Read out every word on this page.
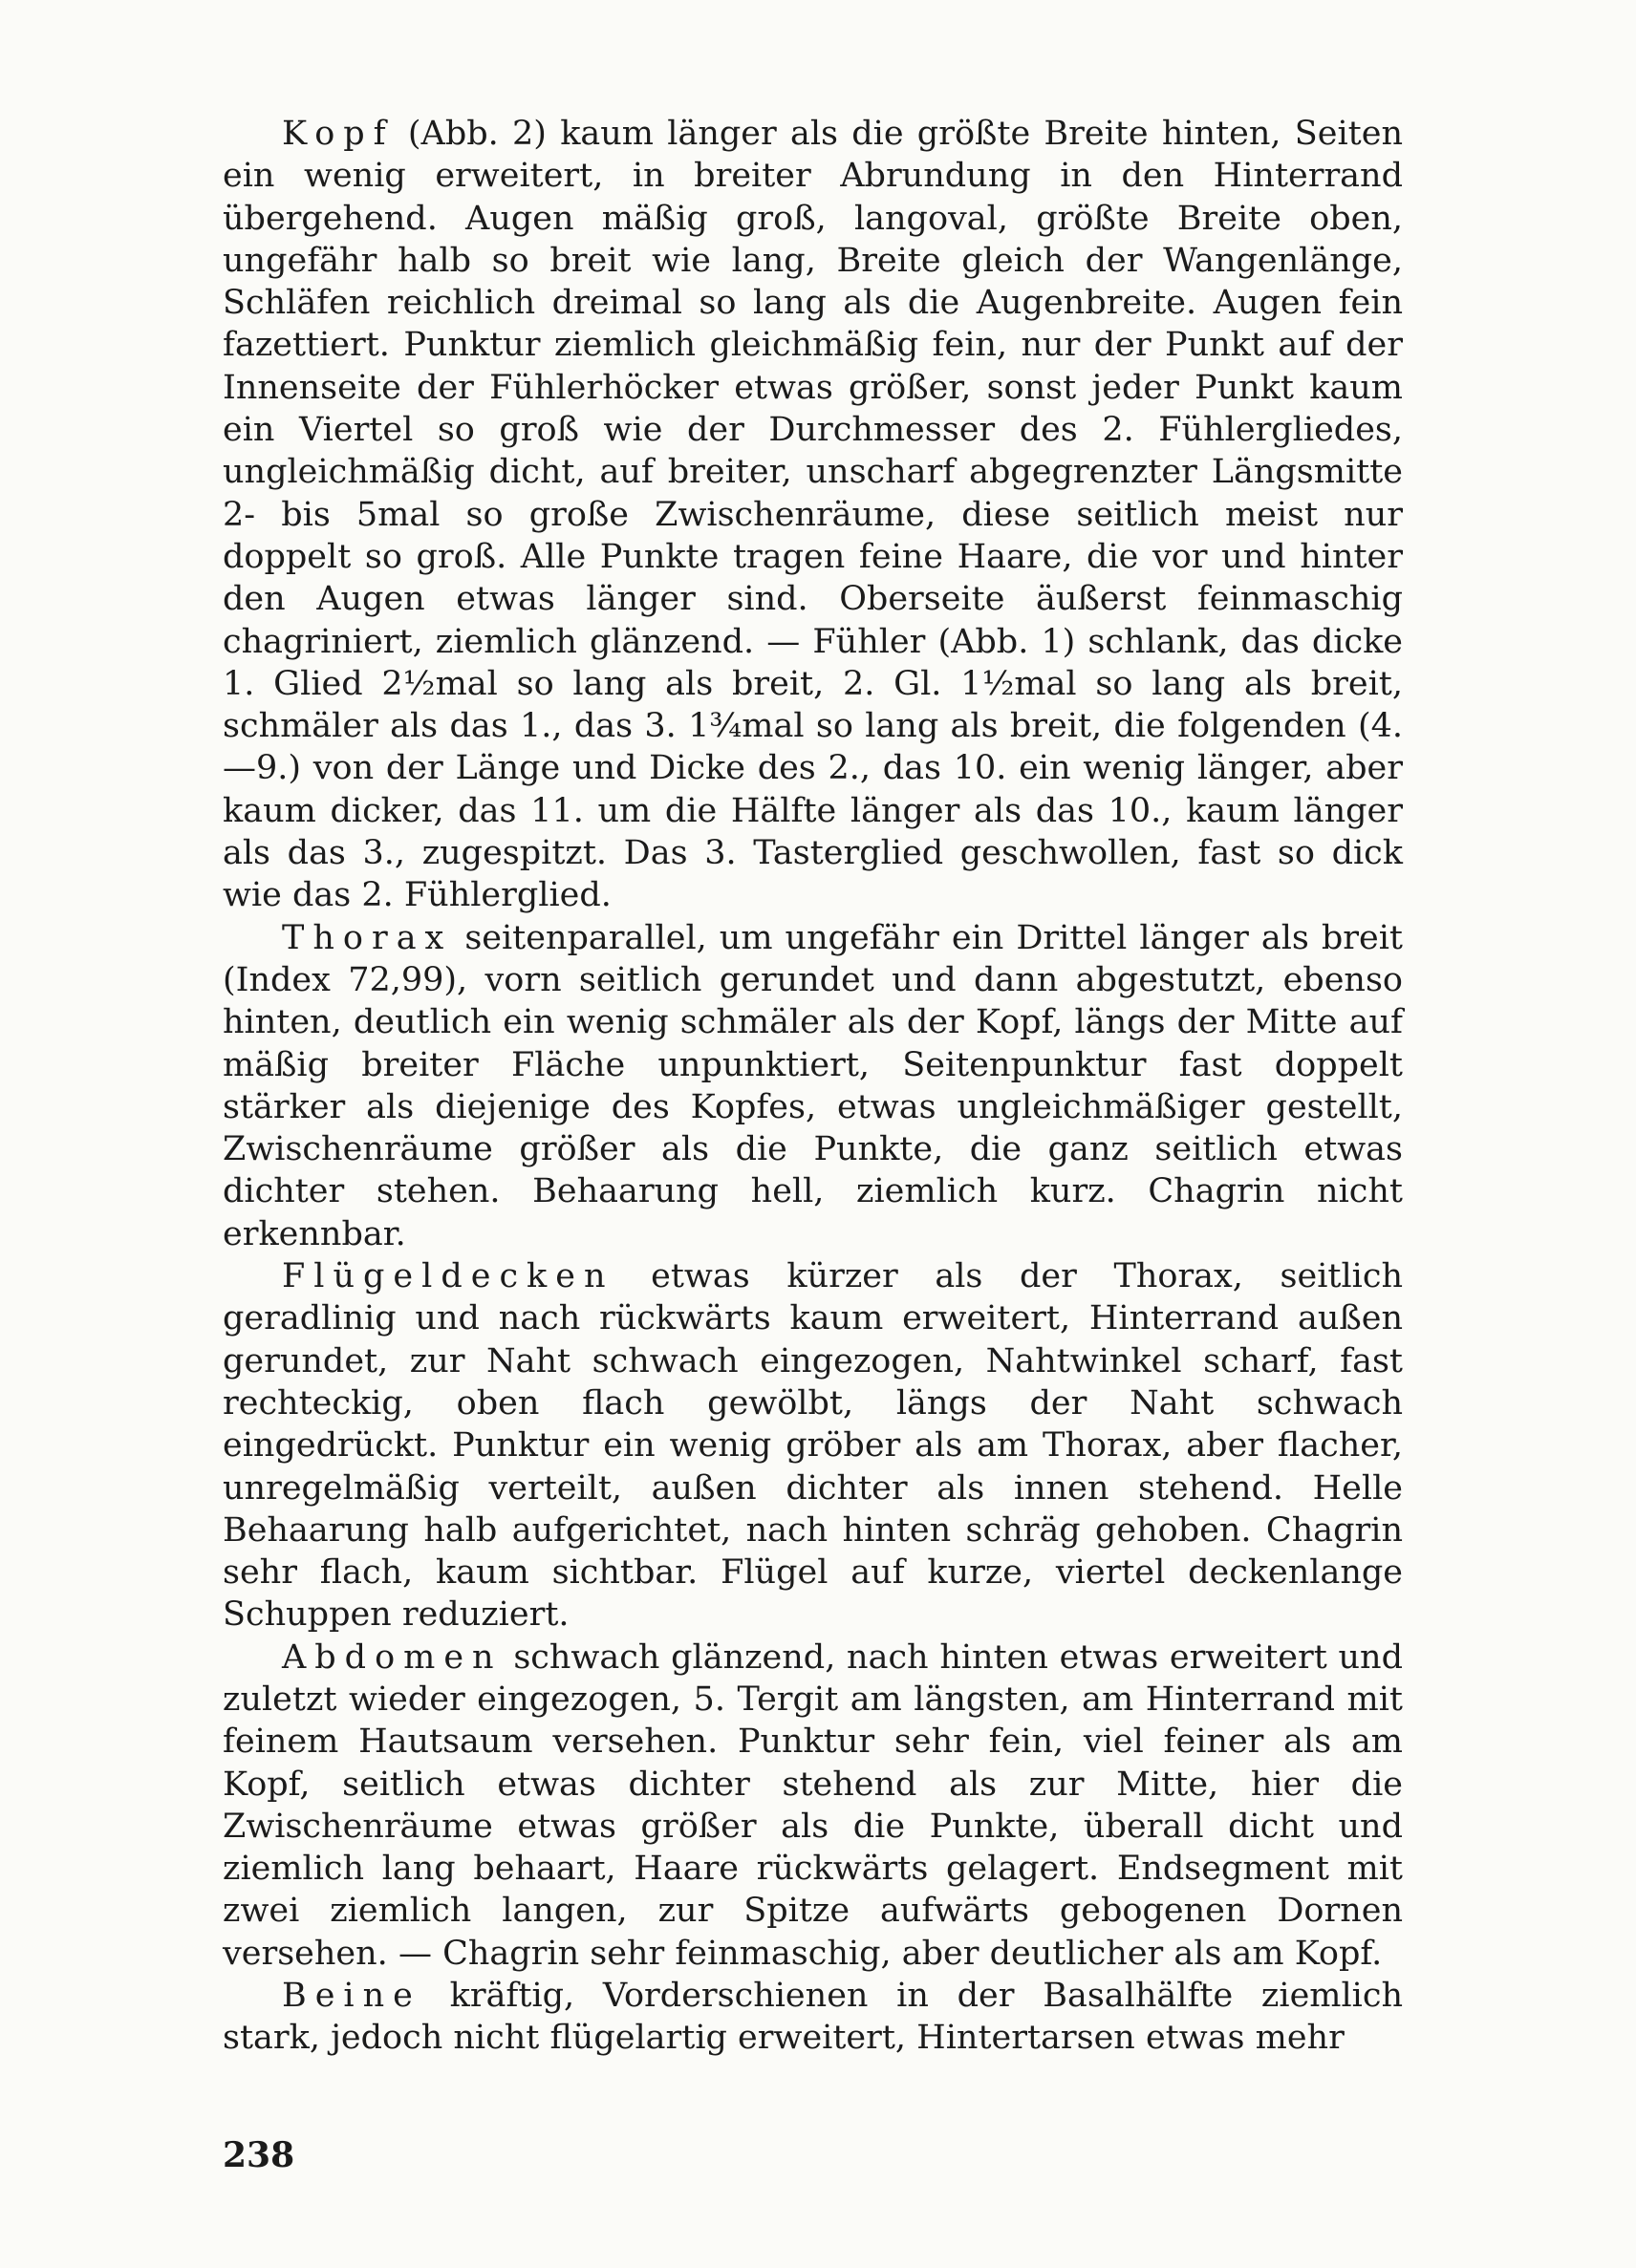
Kopf (Abb. 2) kaum länger als die größte Breite hinten, Seiten ein wenig erweitert, in breiter Abrundung in den Hinterrand übergehend. Augen mäßig groß, langoval, größte Breite oben, ungefähr halb so breit wie lang, Breite gleich der Wangenlänge, Schläfen reichlich dreimal so lang als die Augenbreite. Augen fein fazettiert. Punktur ziemlich gleichmäßig fein, nur der Punkt auf der Innenseite der Fühlerhöcker etwas größer, sonst jeder Punkt kaum ein Viertel so groß wie der Durchmesser des 2. Fühlergliedes, ungleichmäßig dicht, auf breiter, unscharf abgegrenzter Längsmitte 2- bis 5mal so große Zwischenräume, diese seitlich meist nur doppelt so groß. Alle Punkte tragen feine Haare, die vor und hinter den Augen etwas länger sind. Oberseite äußerst feinmaschig chagriniert, ziemlich glänzend. — Fühler (Abb. 1) schlank, das dicke 1. Glied 2½mal so lang als breit, 2. Gl. 1½mal so lang als breit, schmäler als das 1., das 3. 1¾mal so lang als breit, die folgenden (4.—9.) von der Länge und Dicke des 2., das 10. ein wenig länger, aber kaum dicker, das 11. um die Hälfte länger als das 10., kaum länger als das 3., zugespitzt. Das 3. Tasterglied geschwollen, fast so dick wie das 2. Fühlerglied.

Thorax seitenparallel, um ungefähr ein Drittel länger als breit (Index 72,99), vorn seitlich gerundet und dann abgestutzt, ebenso hinten, deutlich ein wenig schmäler als der Kopf, längs der Mitte auf mäßig breiter Fläche unpunktiert, Seitenpunktur fast doppelt stärker als diejenige des Kopfes, etwas ungleichmäßiger gestellt, Zwischenräume größer als die Punkte, die ganz seitlich etwas dichter stehen. Behaarung hell, ziemlich kurz. Chagrin nicht erkennbar.

Flügeldecken etwas kürzer als der Thorax, seitlich geradlinig und nach rückwärts kaum erweitert, Hinterrand außen gerundet, zur Naht schwach eingezogen, Nahtwinkel scharf, fast rechteckig, oben flach gewölbt, längs der Naht schwach eingedrückt. Punktur ein wenig gröber als am Thorax, aber flacher, unregelmäßig verteilt, außen dichter als innen stehend. Helle Behaarung halb aufgerichtet, nach hinten schräg gehoben. Chagrin sehr flach, kaum sichtbar. Flügel auf kurze, viertel deckenlange Schuppen reduziert.

Abdomen schwach glänzend, nach hinten etwas erweitert und zuletzt wieder eingezogen, 5. Tergit am längsten, am Hinterrand mit feinem Hautsaum versehen. Punktur sehr fein, viel feiner als am Kopf, seitlich etwas dichter stehend als zur Mitte, hier die Zwischenräume etwas größer als die Punkte, überall dicht und ziemlich lang behaart, Haare rückwärts gelagert. Endsegment mit zwei ziemlich langen, zur Spitze aufwärts gebogenen Dornen versehen. — Chagrin sehr feinmaschig, aber deutlicher als am Kopf.

Beine kräftig, Vorderschienen in der Basalhälfte ziemlich stark, jedoch nicht flügelartig erweitert, Hintertarsen etwas mehr

238
